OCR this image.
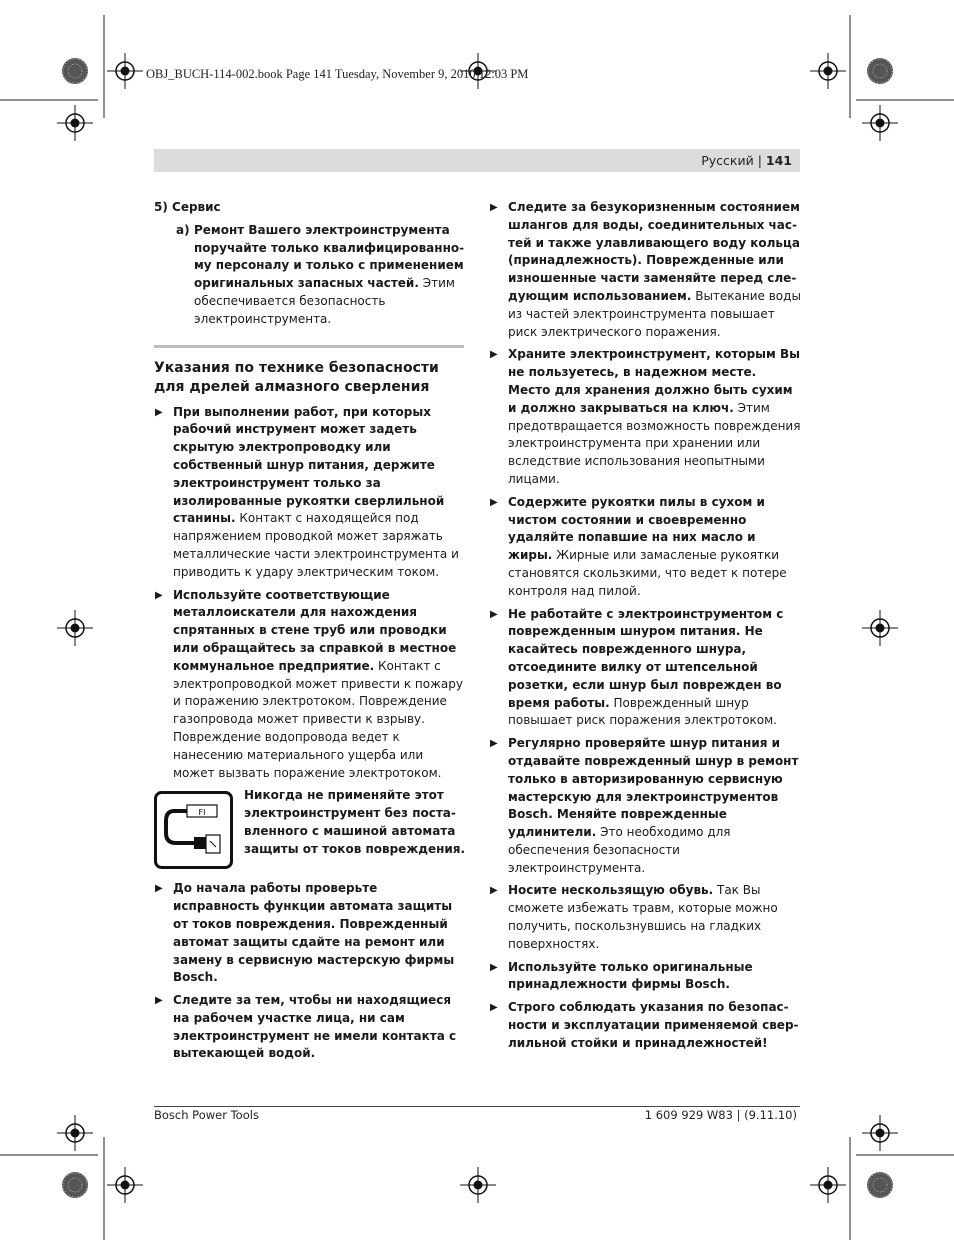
OBJ_BUCH-114-002.book Page 141 Tuesday, November 9, 2010 12:03 PM
Русский | 141
5) Сервис
a) Ремонт Вашего электроинструмента поручайте только квалифицированному персоналу и только с применением оригинальных запасных частей. Этим обеспечивается безопасность электроинструмента.
Указания по технике безопасности для дрелей алмазного сверления
▶ При выполнении работ, при которых рабочий инструмент может задеть скрытую электропроводку или собственный шнур питания, держите электроинструмент только за изолированные рукоятки сверлильной станины. Контакт с находящейся под напряжением проводкой может заряжать металлические части электроинструмента и приводить к удару электрическим током.
▶ Используйте соответствующие металлоискатели для нахождения спрятанных в стене труб или проводки или обращайтесь за справкой в местное коммунальное предприятие. Контакт с электропроводкой может привести к пожару и поражению электротоком. Повреждение газопровода может привести к взрыву. Повреждение водопровода ведет к нанесению материального ущерба или может вызвать поражение электротоком.
FI
Никогда не применяйте этот электроинструмент без поставленного с машиной автомата защиты от токов повреждения.
▶ До начала работы проверьте исправность функции автомата защиты от токов повреждения. Поврежденный автомат защиты сдайте на ремонт или замену в сервисную мастерскую фирмы Bosch.
▶ Следите за тем, чтобы ни находящиеся на рабочем участке лица, ни сам электроинструмент не имели контакта с вытекающей водой.
▶ Следите за безукоризненным состоянием шлангов для воды, соединительных частей и также улавливающего воду кольца (принадлежность). Поврежденные или изношенные части заменяйте перед следующим использованием. Вытекание воды из частей электроинструмента повышает риск электрического поражения.
▶ Храните электроинструмент, которым Вы не пользуетесь, в надежном месте. Место для хранения должно быть сухим и должно закрываться на ключ. Этим предотвращается возможность повреждения электроинструмента при хранении или вследствие использования неопытными лицами.
▶ Содержите рукоятки пилы в сухом и чистом состоянии и своевременно удаляйте попавшие на них масло и жиры. Жирные или замасленые рукоятки становятся скользкими, что ведет к потере контроля над пилой.
▶ Не работайте с электроинструментом с поврежденным шнуром питания. Не касайтесь поврежденного шнура, отсоедините вилку от штепсельной розетки, если шнур был поврежден во время работы. Поврежденный шнур повышает риск поражения электротоком.
▶ Регулярно проверяйте шнур питания и отдавайте поврежденный шнур в ремонт только в авторизированную сервисную мастерскую для электроинструментов Bosch. Меняйте поврежденные удлинители. Это необходимо для обеспечения безопасности электроинструмента.
▶ Носите нескользящую обувь. Так Вы сможете избежать травм, которые можно получить, поскользнувшись на гладких поверхностях.
▶ Используйте только оригинальные принадлежности фирмы Bosch.
▶ Строго соблюдать указания по безопасности и эксплуатации применяемой сверлильной стойки и принадлежностей!
Bosch Power Tools	1 609 929 W83 | (9.11.10)
